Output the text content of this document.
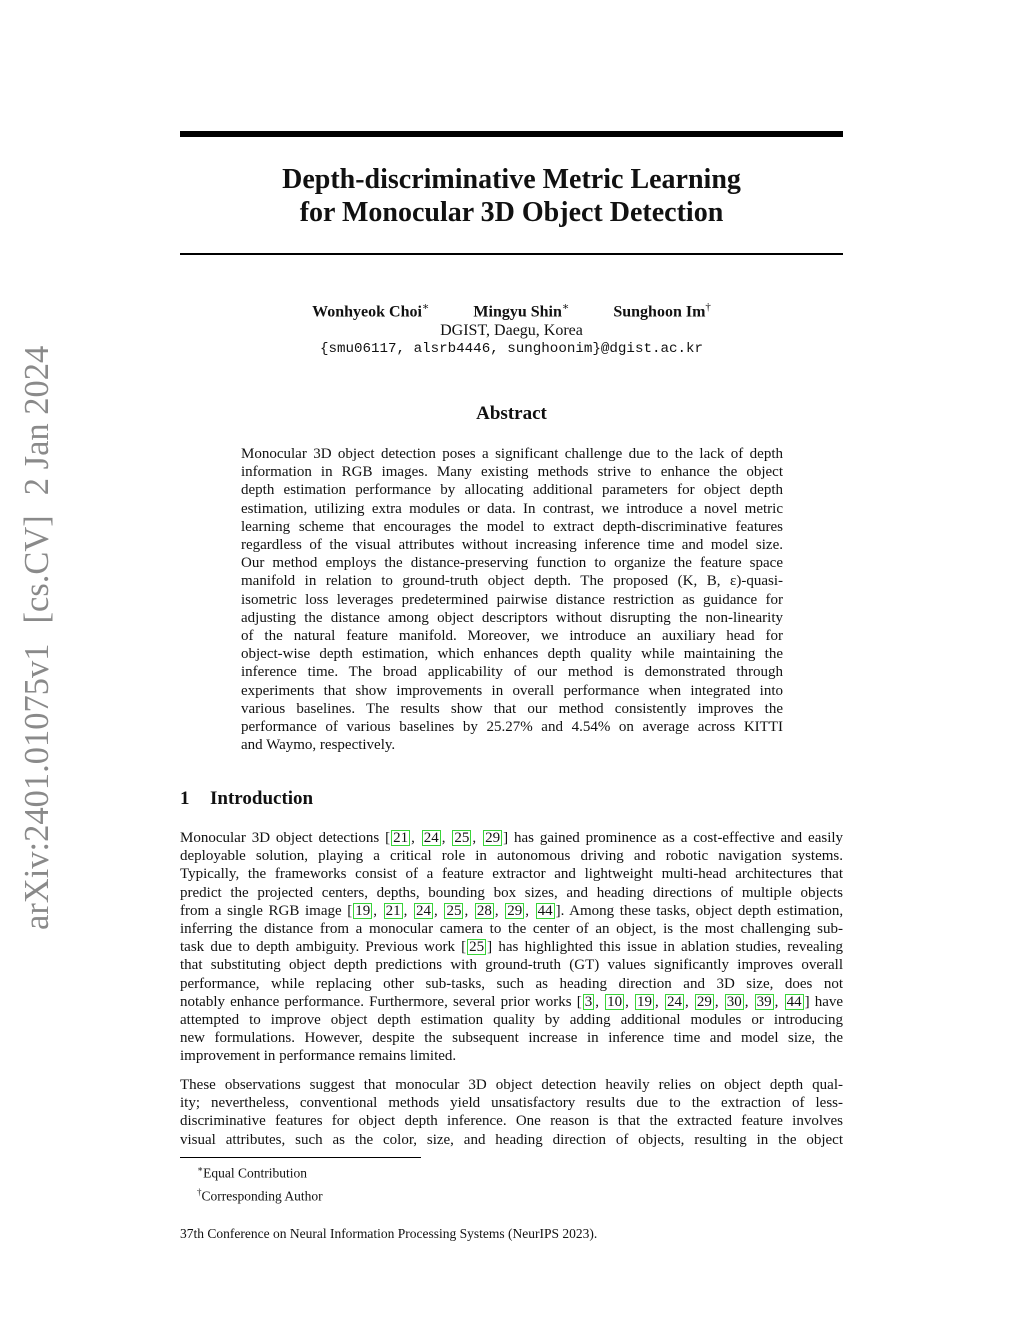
Depth-discriminative Metric Learning
for Monocular 3D Object Detection
Wonhyeok Choi∗	Mingyu Shin∗	Sunghoon Im†
DGIST, Daegu, Korea
{smu06117, alsrb4446, sunghoonim}@dgist.ac.kr
arXiv:2401.01075v1[cs.CV]2 Jan 2024	Abstract
Monocular 3D object detection poses a significant challenge due to the lack of depth
information in RGB images. Many existing methods strive to enhance the object
depth estimation performance by allocating additional parameters for object depth
estimation, utilizing extra modules or data. In contrast, we introduce a novel metric
learning scheme that encourages the model to extract depth-discriminative features
regardless of the visual attributes without increasing inference time and model size.
Our method employs the distance-preserving function to organize the feature space
manifold in relation to ground-truth object depth. The proposed (K, B, ε)-quasi-
isometric loss leverages predetermined pairwise distance restriction as guidance for
adjusting the distance among object descriptors without disrupting the non-linearity
of the natural feature manifold. Moreover, we introduce an auxiliary head for
object-wise depth estimation, which enhances depth quality while maintaining the
inference time. The broad applicability of our method is demonstrated through
experiments that show improvements in overall performance when integrated into
various baselines. The results show that our method consistently improves the
performance of various baselines by 25.27% and 4.54% on average across KITTI
and Waymo, respectively.
1 Introduction
Monocular 3D object detections [ 21 , 24 , 25 , 29 ] has gained prominence as a cost-effective and easily
deployable solution, playing a critical role in autonomous driving and robotic navigation systems.
Typically, the frameworks consist of a feature extractor and lightweight multi-head architectures that
predict the projected centers, depths, bounding box sizes, and heading directions of multiple objects
from a single RGB image [ 19 , 21 , 24 , 25 , 28 , 29 , 44 ]. Among these tasks, object depth estimation,
inferring the distance from a monocular camera to the center of an object, is the most challenging sub-
task due to depth ambiguity. Previous work [ 25 ] has highlighted this issue in ablation studies, revealing
that substituting object depth predictions with ground-truth (GT) values significantly improves overall
performance, while replacing other sub-tasks, such as heading direction and 3D size, does not
notably enhance performance. Furthermore, several prior works [ 3 , 10 , 19 , 24 , 29 , 30 , 39 , 44 ] have
attempted to improve object depth estimation quality by adding additional modules or introducing
new formulations. However, despite the subsequent increase in inference time and model size, the
improvement in performance remains limited.
These observations suggest that monocular 3D object detection heavily relies on object depth qual-
ity; nevertheless, conventional methods yield unsatisfactory results due to the extraction of less-
discriminative features for object depth inference. One reason is that the extracted feature involves
visual attributes, such as the color, size, and heading direction of objects, resulting in the object
∗Equal Contribution
†Corresponding Author
37th Conference on Neural Information Processing Systems (NeurIPS 2023).
